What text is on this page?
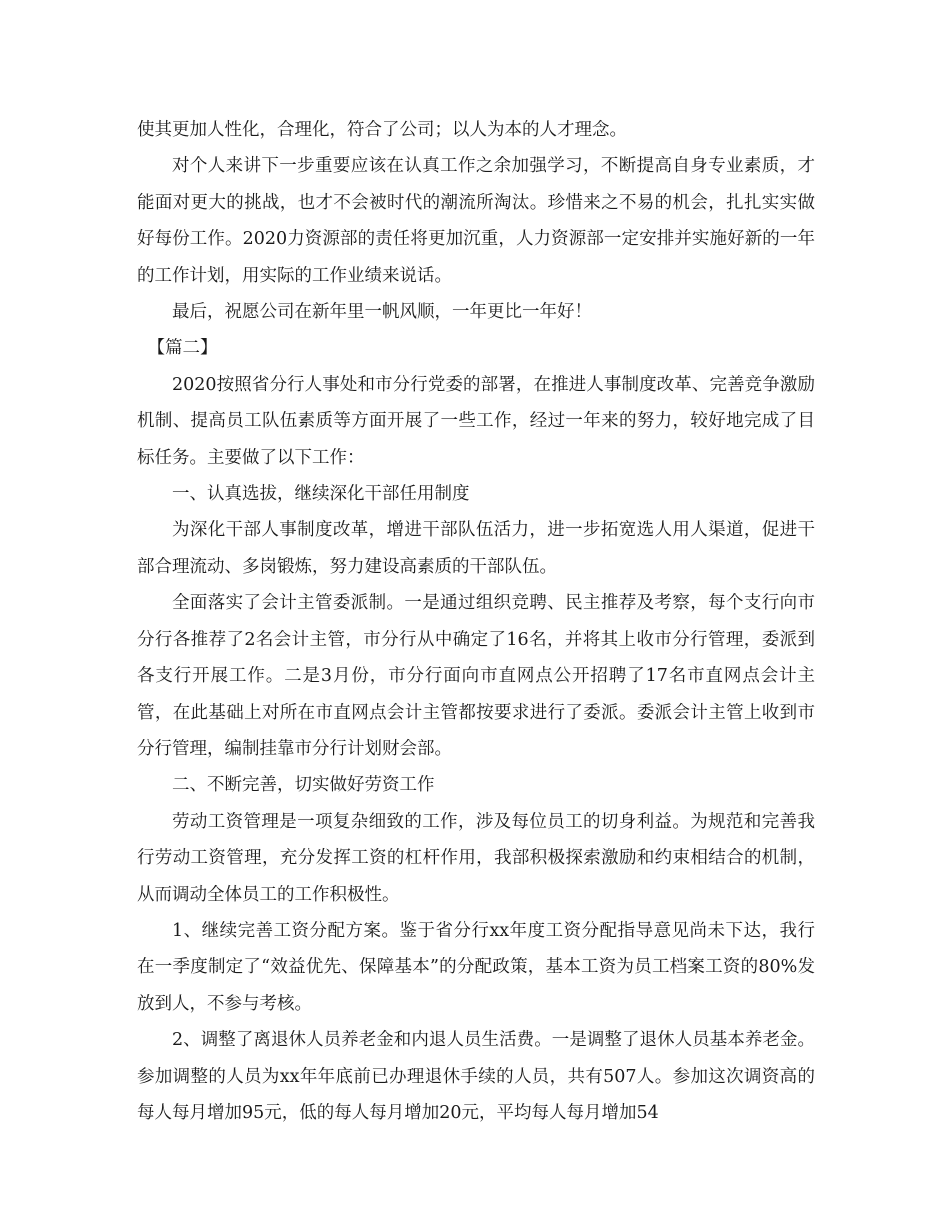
使其更加人性化，合理化，符合了公司；以人为本的人才理念。

对个人来讲下一步重要应该在认真工作之余加强学习，不断提高自身专业素质，才能面对更大的挑战，也才不会被时代的潮流所淘汰。珍惜来之不易的机会，扎扎实实做好每份工作。2020力资源部的责任将更加沉重，人力资源部一定安排并实施好新的一年的工作计划，用实际的工作业绩来说话。

最后，祝愿公司在新年里一帆风顺，一年更比一年好！

【篇二】

2020按照省分行人事处和市分行党委的部署，在推进人事制度改革、完善竞争激励机制、提高员工队伍素质等方面开展了一些工作，经过一年来的努力，较好地完成了目标任务。主要做了以下工作：

一、认真选拔，继续深化干部任用制度

为深化干部人事制度改革，增进干部队伍活力，进一步拓宽选人用人渠道，促进干部合理流动、多岗锻炼，努力建设高素质的干部队伍。

全面落实了会计主管委派制。一是通过组织竞聘、民主推荐及考察，每个支行向市分行各推荐了2名会计主管，市分行从中确定了16名，并将其上收市分行管理，委派到各支行开展工作。二是3月份，市分行面向市直网点公开招聘了17名市直网点会计主管，在此基础上对所在市直网点会计主管都按要求进行了委派。委派会计主管上收到市分行管理，编制挂靠市分行计划财会部。

二、不断完善，切实做好劳资工作

劳动工资管理是一项复杂细致的工作，涉及每位员工的切身利益。为规范和完善我行劳动工资管理，充分发挥工资的杠杆作用，我部积极探索激励和约束相结合的机制，从而调动全体员工的工作积极性。

1、继续完善工资分配方案。鉴于省分行xx年度工资分配指导意见尚未下达，我行在一季度制定了“效益优先、保障基本”的分配政策，基本工资为员工档案工资的80%发放到人，不参与考核。

2、调整了离退休人员养老金和内退人员生活费。一是调整了退休人员基本养老金。参加调整的人员为xx年年底前已办理退休手续的人员，共有507人。参加这次调资高的每人每月增加95元，低的每人每月增加20元，平均每人每月增加54
